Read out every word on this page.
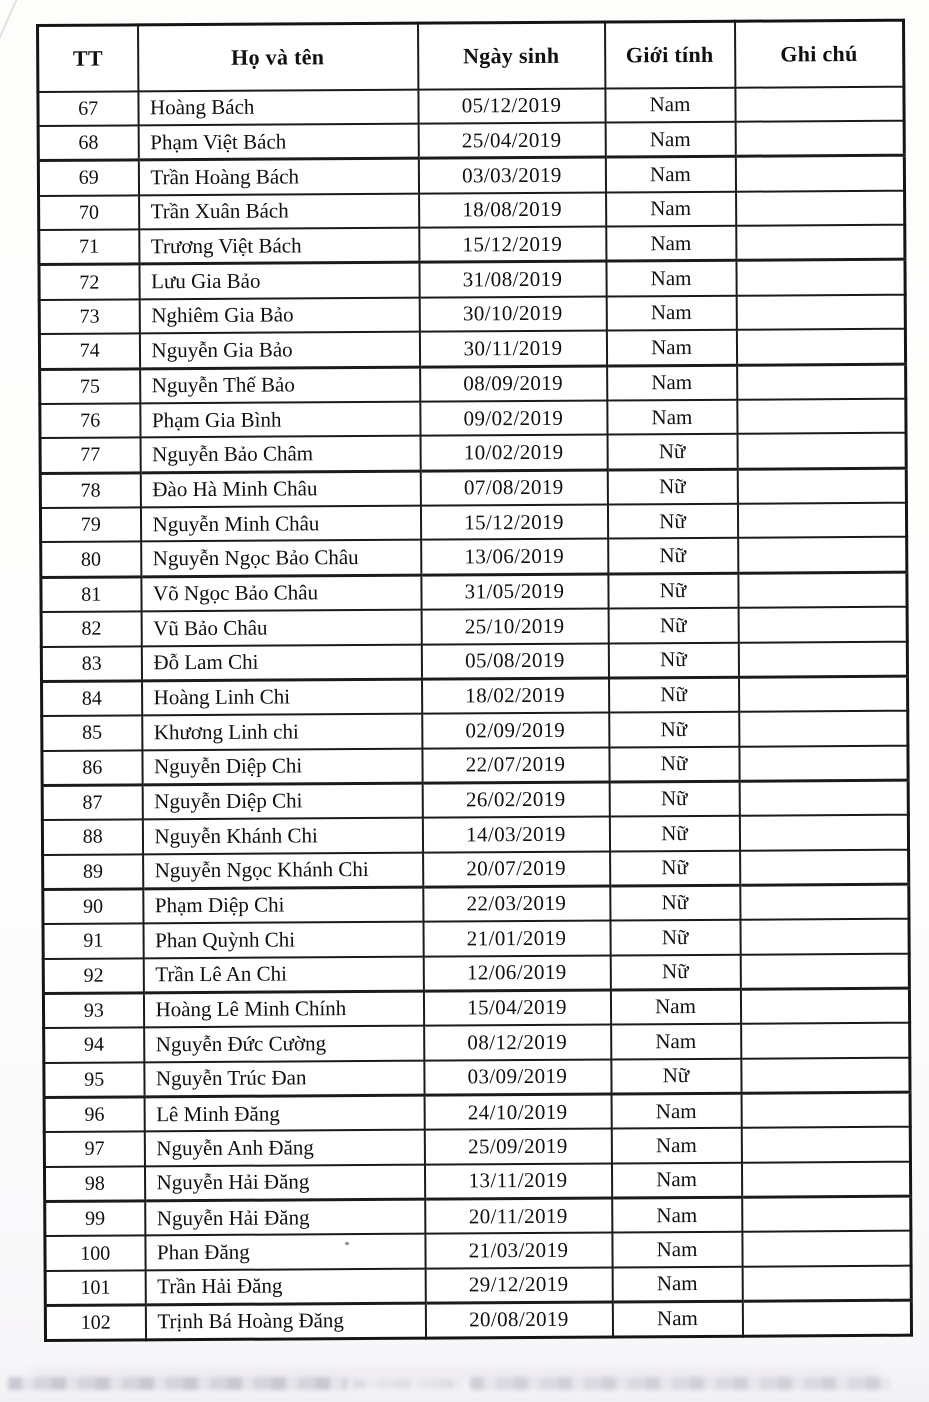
TT	Họ và tên	Ngày sinh	Giới tính	Ghi chú
67	Hoàng Bách	05/12/2019	Nam	
68	Phạm Việt Bách	25/04/2019	Nam	
69	Trần Hoàng Bách	03/03/2019	Nam	
70	Trần Xuân Bách	18/08/2019	Nam	
71	Trương Việt Bách	15/12/2019	Nam	
72	Lưu Gia Bảo	31/08/2019	Nam	
73	Nghiêm Gia Bảo	30/10/2019	Nam	
74	Nguyễn Gia Bảo	30/11/2019	Nam	
75	Nguyễn Thế Bảo	08/09/2019	Nam	
76	Phạm Gia Bình	09/02/2019	Nam	
77	Nguyễn Bảo Châm	10/02/2019	Nữ	
78	Đào Hà Minh Châu	07/08/2019	Nữ	
79	Nguyễn Minh Châu	15/12/2019	Nữ	
80	Nguyễn Ngọc Bảo Châu	13/06/2019	Nữ	
81	Võ Ngọc Bảo Châu	31/05/2019	Nữ	
82	Vũ Bảo Châu	25/10/2019	Nữ	
83	Đỗ Lam Chi	05/08/2019	Nữ	
84	Hoàng Linh Chi	18/02/2019	Nữ	
85	Khương Linh chi	02/09/2019	Nữ	
86	Nguyễn Diệp Chi	22/07/2019	Nữ	
87	Nguyễn Diệp Chi	26/02/2019	Nữ	
88	Nguyễn Khánh Chi	14/03/2019	Nữ	
89	Nguyễn Ngọc Khánh Chi	20/07/2019	Nữ	
90	Phạm Diệp Chi	22/03/2019	Nữ	
91	Phan Quỳnh Chi	21/01/2019	Nữ	
92	Trần Lê An Chi	12/06/2019	Nữ	
93	Hoàng Lê Minh Chính	15/04/2019	Nam	
94	Nguyễn Đức Cường	08/12/2019	Nam	
95	Nguyễn Trúc Đan	03/09/2019	Nữ	
96	Lê Minh Đăng	24/10/2019	Nam	
97	Nguyễn Anh Đăng	25/09/2019	Nam	
98	Nguyễn Hải Đăng	13/11/2019	Nam	
99	Nguyễn Hải Đăng	20/11/2019	Nam	
100	Phan Đăng	21/03/2019	Nam	
101	Trần Hải Đăng	29/12/2019	Nam	
102	Trịnh Bá Hoàng Đăng	20/08/2019	Nam	
